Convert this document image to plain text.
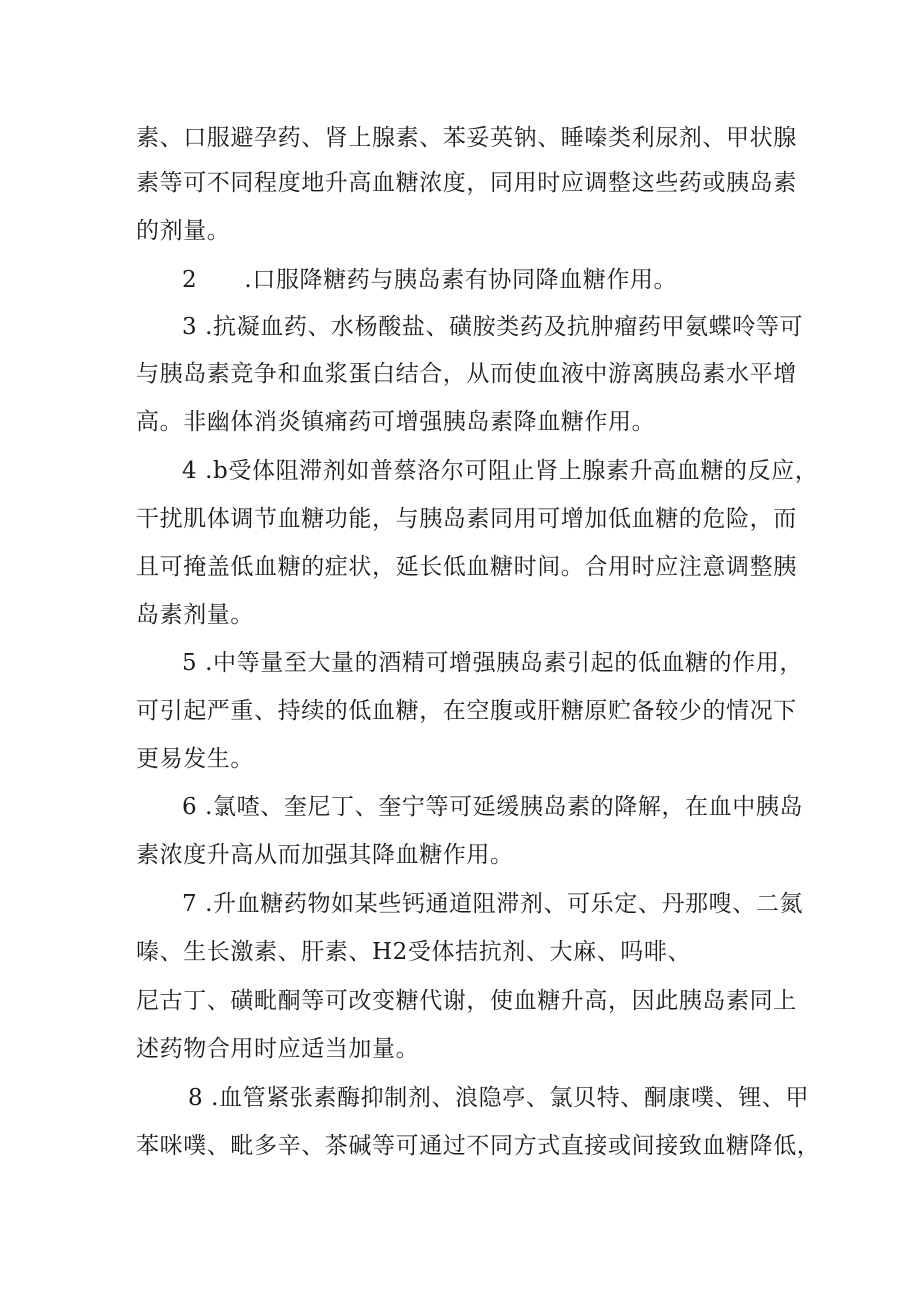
素、口服避孕药、肾上腺素、苯妥英钠、睡嗪类利尿剂、甲状腺
素等可不同程度地升高血糖浓度，同用时应调整这些药或胰岛素
的剂量。
2　　.口服降糖药与胰岛素有协同降血糖作用。
3 .抗凝血药、水杨酸盐、磺胺类药及抗肿瘤药甲氨蝶呤等可
与胰岛素竞争和血浆蛋白结合，从而使血液中游离胰岛素水平增
高。非幽体消炎镇痛药可增强胰岛素降血糖作用。
4 .b受体阻滞剂如普蔡洛尔可阻止肾上腺素升高血糖的反应，
干扰肌体调节血糖功能，与胰岛素同用可增加低血糖的危险，而
且可掩盖低血糖的症状，延长低血糖时间。合用时应注意调整胰
岛素剂量。
5 .中等量至大量的酒精可增强胰岛素引起的低血糖的作用，
可引起严重、持续的低血糖，在空腹或肝糖原贮备较少的情况下
更易发生。
6 .氯喳、奎尼丁、奎宁等可延缓胰岛素的降解，在血中胰岛
素浓度升高从而加强其降血糖作用。
7 .升血糖药物如某些钙通道阻滞剂、可乐定、丹那嗖、二氮
嗪、生长激素、肝素、H2受体拮抗剂、大麻、吗啡、
尼古丁、磺毗酮等可改变糖代谢，使血糖升高，因此胰岛素同上
述药物合用时应适当加量。
8 .血管紧张素酶抑制剂、浪隐亭、氯贝特、酮康噗、锂、甲
苯咪噗、毗多辛、茶碱等可通过不同方式直接或间接致血糖降低，
